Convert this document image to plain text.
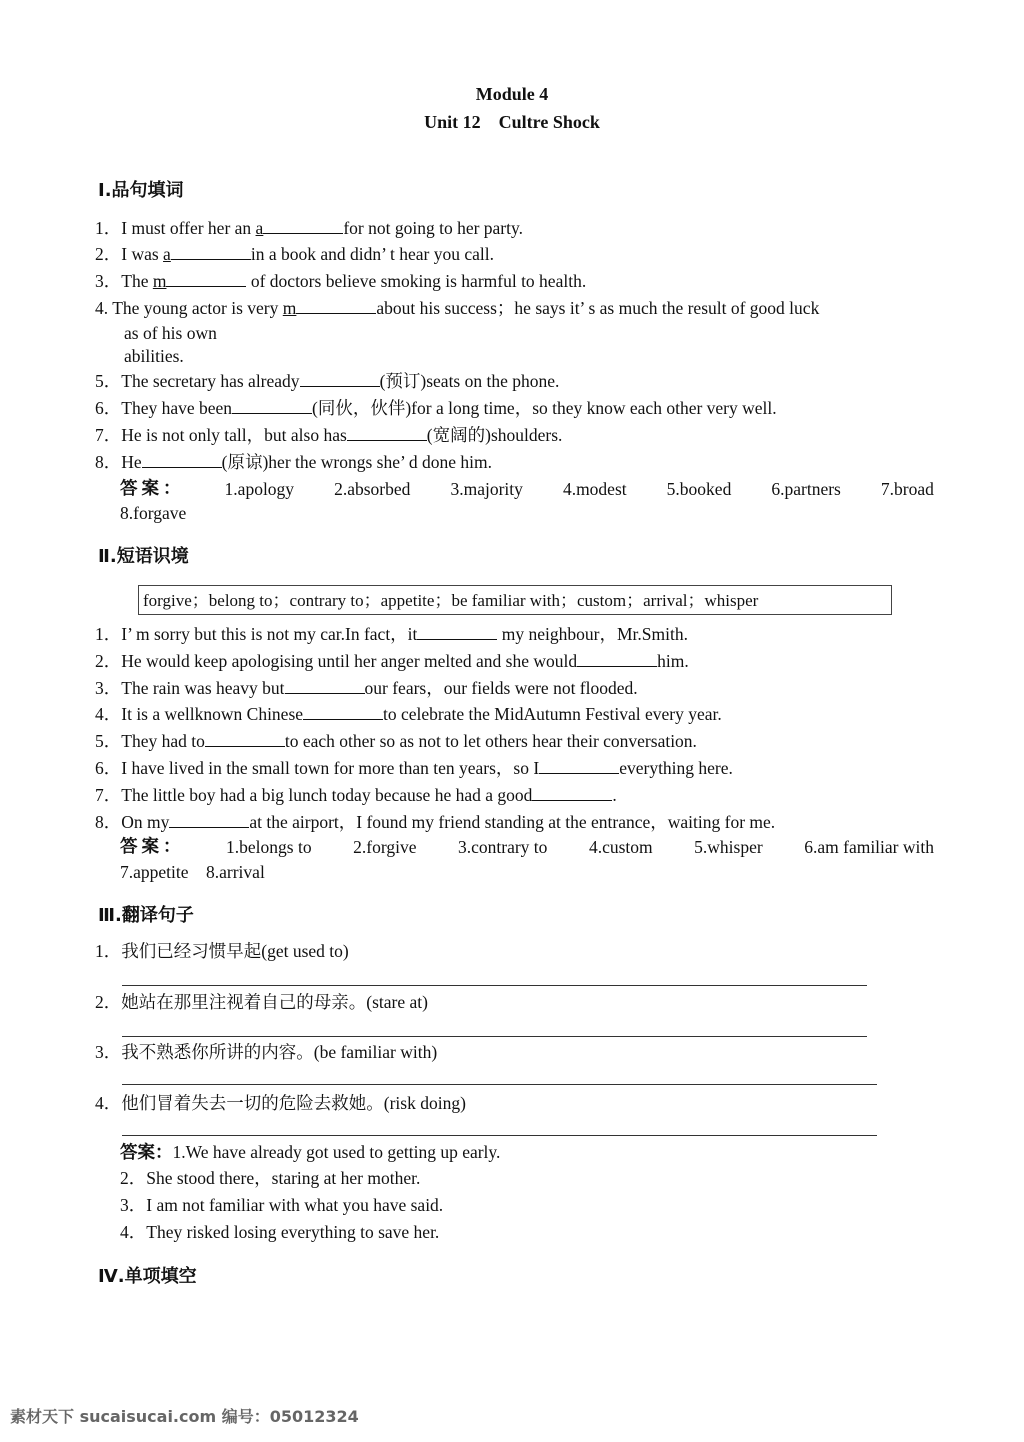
Module 4
Unit 12    Cultre Shock
Ⅰ.品句填词
1．I must offer her an a	for not going to her party.
2．I was a	in a book and didn’ t hear you call.
3．The m	of doctors believe smoking is harmful to health.
4. The young actor is very m	about his success；he says it’ s as much the result of good luck
5．The secretary has already	(预订)seats on the phone.
6．They have been	(同伙，伙伴)for a long time，so they know each other very well.
7．He is not only tall，but also has	(宽阔的)shoulders.
8．He	(原谅)her the wrongs she’ d done him.
as of his own
abilities.
答案： 1.apology 2.absorbed 3.majority 4.modest 5.booked 6.partners 7.broad
8.forgave
Ⅱ.短语识境
forgive；belong to；contrary to；appetite；be familiar with；custom；arrival；whisper
1．I’ m sorry but this is not my car.In fact，it	my neighbour，Mr.Smith.
2．He would keep apologising until her anger melted and she would	him.
3．The rain was heavy but	our fears，our fields were not flooded.
4．It is a wellknown Chinese	to celebrate the MidAutumn Festival every year.
5．They had to	to each other so as not to let others hear their conversation.
6．I have lived in the small town for more than ten years，so I	everything here.
7．The little boy had a big lunch today because he had a good	.
8．On my	at the airport，I found my friend standing at the entrance，waiting for me.
答案： 1.belongs to 2.forgive 3.contrary to 4.custom 5.whisper 6.am familiar with
7.appetite    8.arrival
Ⅲ.翻译句子
1．我们已经习惯早起(get used to)
2．她站在那里注视着自己的母亲。(stare at)
3．我不熟悉你所讲的内容。(be familiar with)
4．他们冒着失去一切的危险去救她。(risk doing)
答案：1.We have already got used to getting up early.
2．She stood there，staring at her mother.
3．I am not familiar with what you have said.
4．They risked losing everything to save her.
Ⅳ.单项填空
素材天下 sucaisucai.com 编号：05012324
